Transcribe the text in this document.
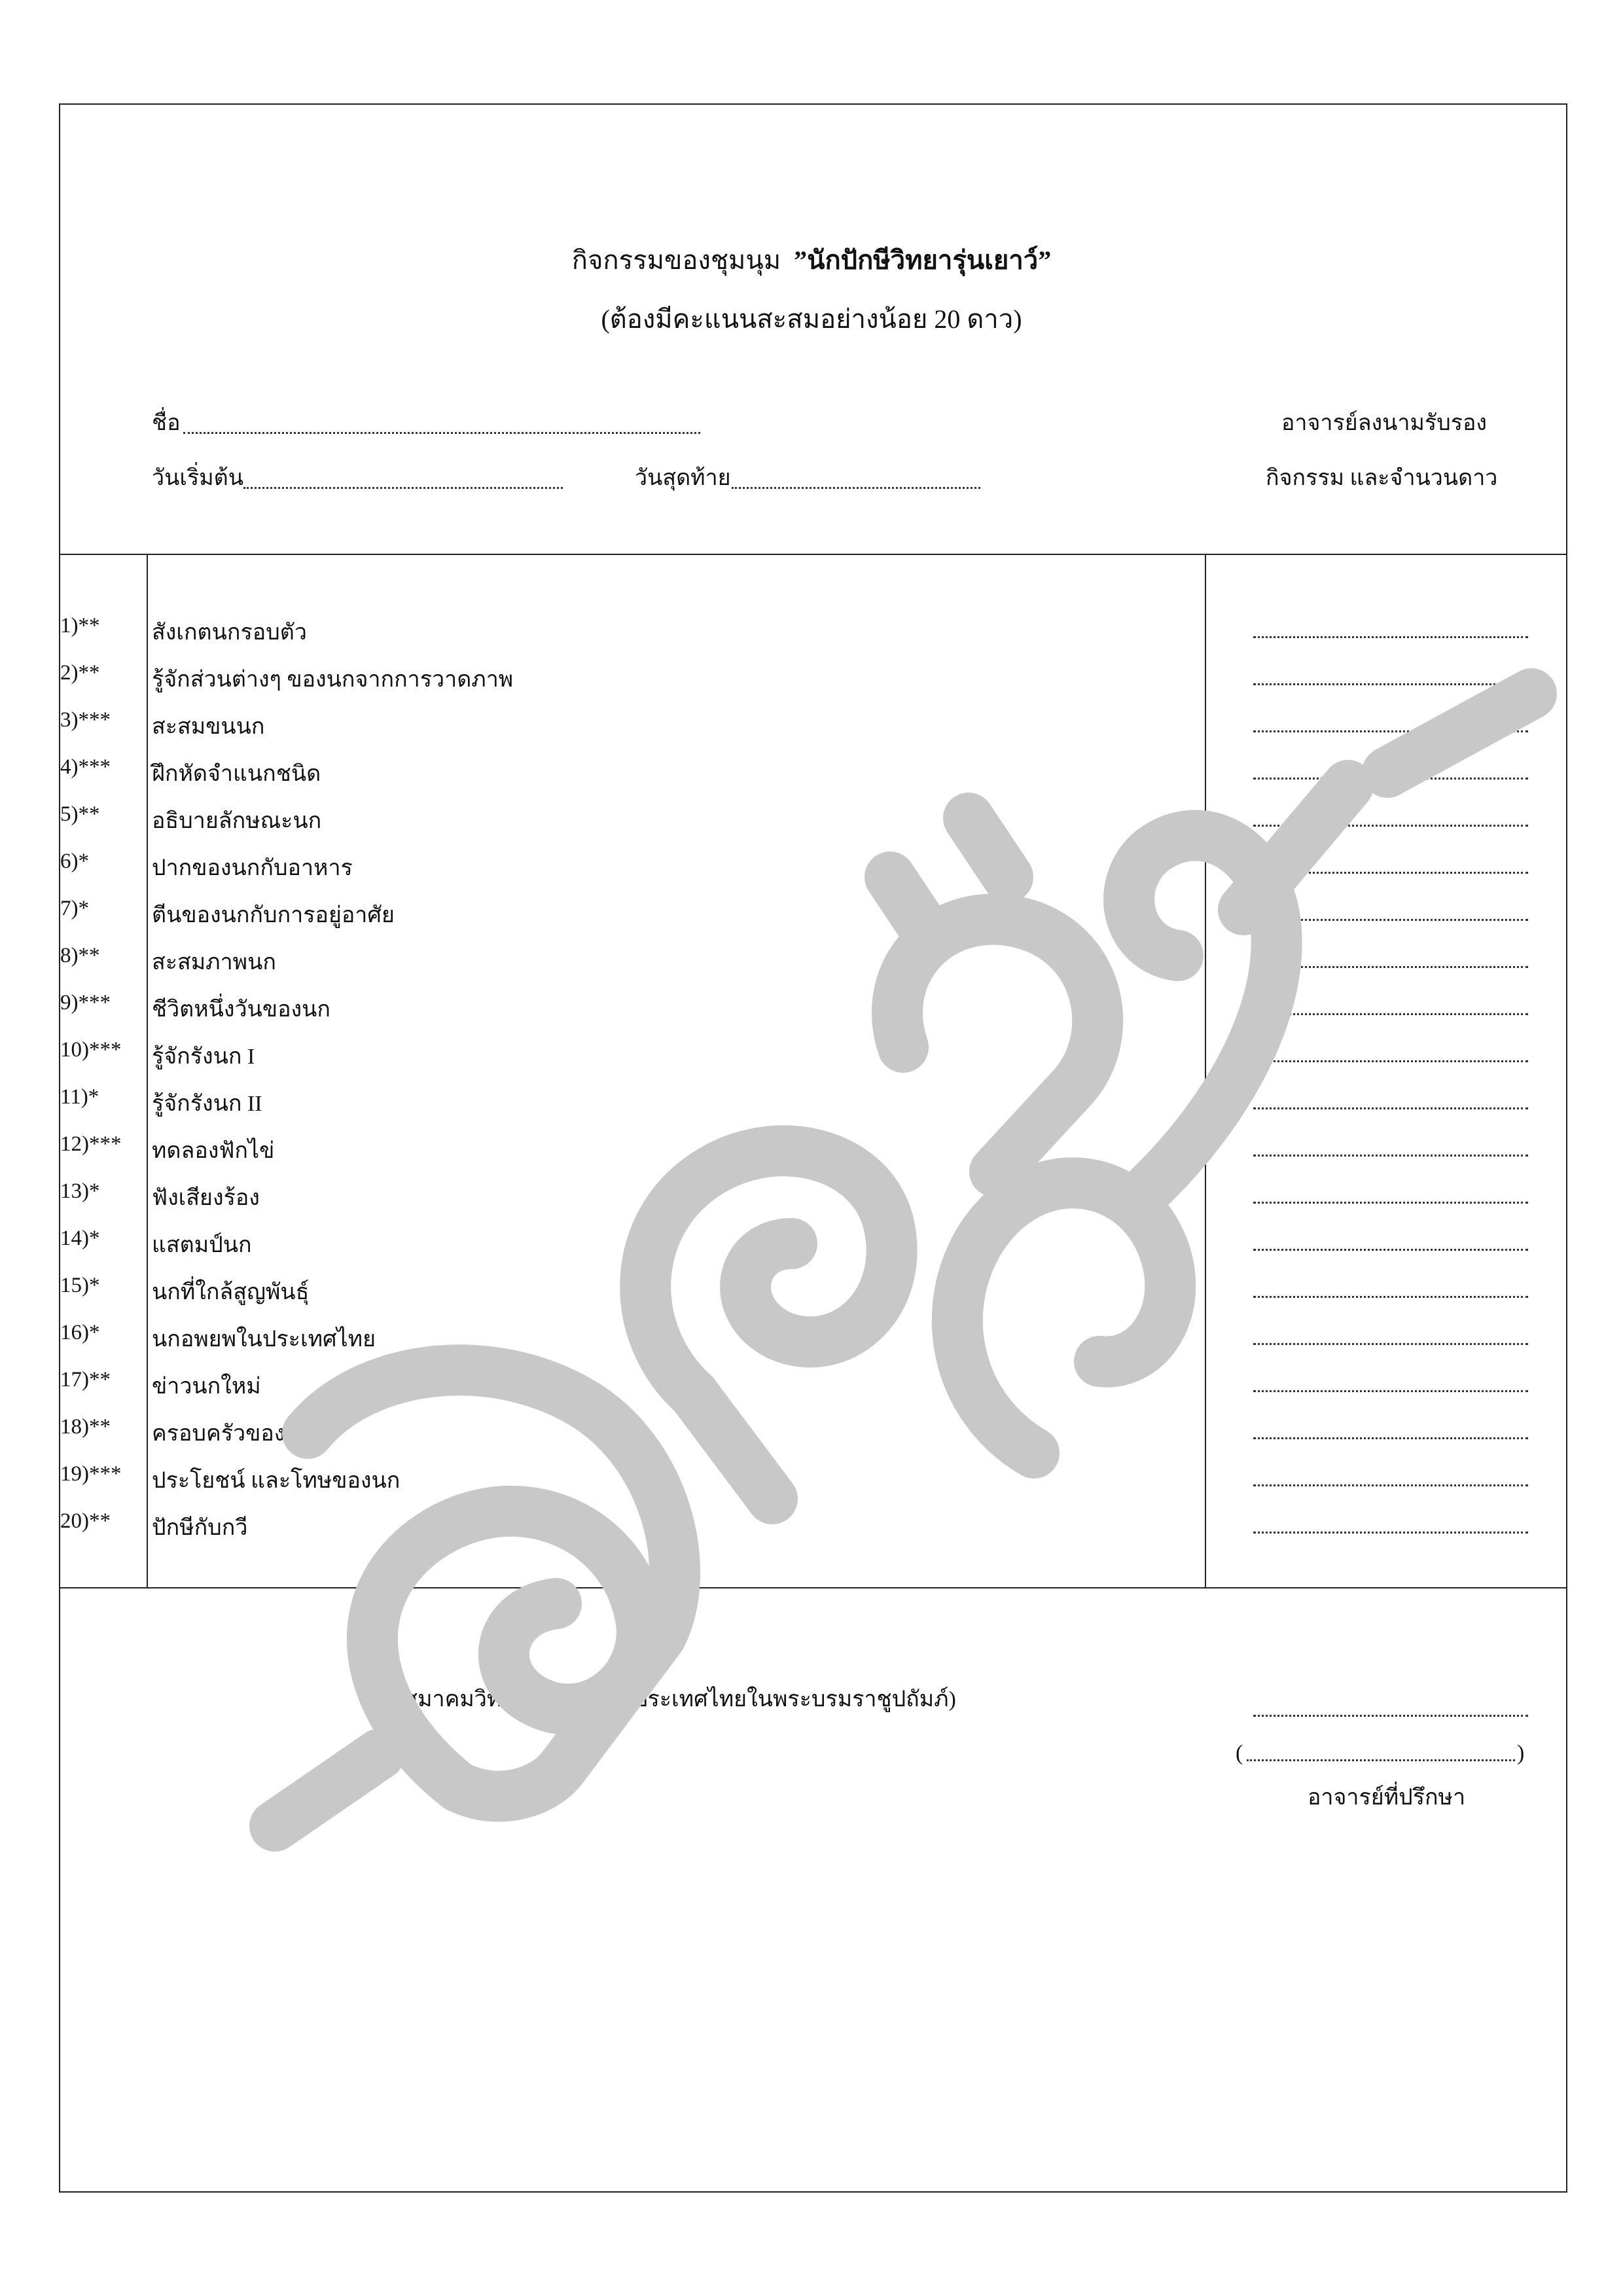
กิจกรรมของชุมนุม ”นักปักษีวิทยารุ่นเยาว์”
(ต้องมีคะแนนสะสมอย่างน้อย 20 ดาว)
ชื่อ
วันเริ่มต้น	วันสุดท้าย
อาจารย์ลงนามรับรอง
กิจกรรม และจำนวนดาว
1)** สังเกตนกรอบตัว
2)** รู้จักส่วนต่างๆ ของนกจากการวาดภาพ
3)*** สะสมขนนก
4)*** ฝึกหัดจำแนกชนิด
5)** อธิบายลักษณะนก
6)*	ปากของนกกับอาหาร
7)*	ตีนของนกกับการอยู่อาศัย
8)** สะสมภาพนก
9)*** ชีวิตหนึ่งวันของนก
10)*** รู้จักรังนก I
11)* รู้จักรังนก II
12)*** ทดลองฟักไข่
13)* ฟังเสียงร้อง
14)* แสตมป์นก
15)* นกที่ใกล้สูญพันธุ์
16)* นกอพยพในประเทศไทย
17)** ข่าวนกใหม่
18)** ครอบครัวของนก
19)*** ประโยชน์ และโทษของนก
20)** ปักษีกับกวี
(สมาคมวิทยาศาสตร์แห่งประเทศไทยในพระบรมราชูปถัมภ์)
(	)
อาจารย์ที่ปรึกษา
